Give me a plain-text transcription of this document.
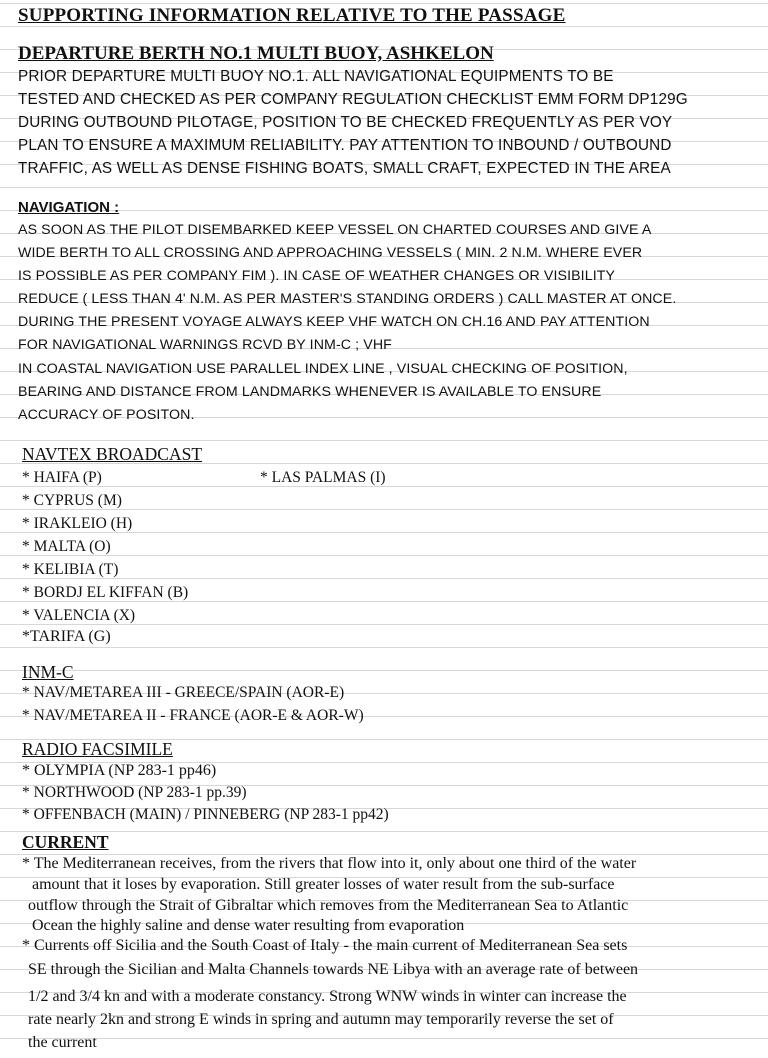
SUPPORTING INFORMATION RELATIVE TO THE PASSAGE
DEPARTURE BERTH NO.1 MULTI BUOY, ASHKELON
PRIOR DEPARTURE MULTI BUOY NO.1. ALL NAVIGATIONAL EQUIPMENTS TO BE
TESTED AND CHECKED AS PER COMPANY REGULATION CHECKLIST EMM FORM DP129G
DURING OUTBOUND PILOTAGE, POSITION TO BE CHECKED FREQUENTLY AS PER VOY
PLAN TO ENSURE A MAXIMUM RELIABILITY. PAY ATTENTION TO INBOUND / OUTBOUND
TRAFFIC, AS WELL AS DENSE FISHING BOATS, SMALL CRAFT, EXPECTED IN THE AREA
NAVIGATION :
AS SOON AS THE PILOT DISEMBARKED KEEP VESSEL ON CHARTED COURSES AND GIVE A
WIDE BERTH TO ALL CROSSING AND APPROACHING VESSELS ( MIN. 2 N.M. WHERE EVER
IS POSSIBLE AS PER COMPANY FIM ). IN CASE OF WEATHER CHANGES OR VISIBILITY
REDUCE ( LESS THAN 4' N.M. AS PER MASTER'S STANDING ORDERS ) CALL MASTER AT ONCE.
DURING THE PRESENT VOYAGE ALWAYS KEEP VHF WATCH ON CH.16 AND PAY ATTENTION
FOR NAVIGATIONAL WARNINGS RCVD BY INM-C ; VHF
IN COASTAL NAVIGATION USE PARALLEL INDEX LINE , VISUAL CHECKING OF POSITION,
BEARING AND DISTANCE FROM LANDMARKS WHENEVER IS AVAILABLE TO ENSURE
ACCURACY OF POSITON.
NAVTEX BROADCAST
* HAIFA (P)	* LAS PALMAS (I)
* CYPRUS (M)
* IRAKLEIO (H)
* MALTA (O)
* KELIBIA (T)
* BORDJ EL KIFFAN (B)
* VALENCIA (X)
*TARIFA (G)
INM-C
* NAV/METAREA III - GREECE/SPAIN (AOR-E)
* NAV/METAREA II - FRANCE (AOR-E & AOR-W)
RADIO FACSIMILE
* OLYMPIA (NP 283-1 pp46)
* NORTHWOOD (NP 283-1 pp.39)
* OFFENBACH (MAIN) / PINNEBERG (NP 283-1 pp42)
CURRENT
* The Mediterranean receives, from the rivers that flow into it, only about one third of the water
amount that it loses by evaporation. Still greater losses of water result from the sub-surface
outflow through the Strait of Gibraltar which removes from the Mediterranean Sea to Atlantic
Ocean the highly saline and dense water resulting from evaporation
* Currents off Sicilia and the South Coast of Italy - the main current of Mediterranean Sea sets
SE through the Sicilian and Malta Channels towards NE Libya with an average rate of between
1/2 and 3/4 kn and with a moderate constancy. Strong WNW winds in winter can increase the
rate nearly 2kn and strong E winds in spring and autumn may temporarily reverse the set of
the current
